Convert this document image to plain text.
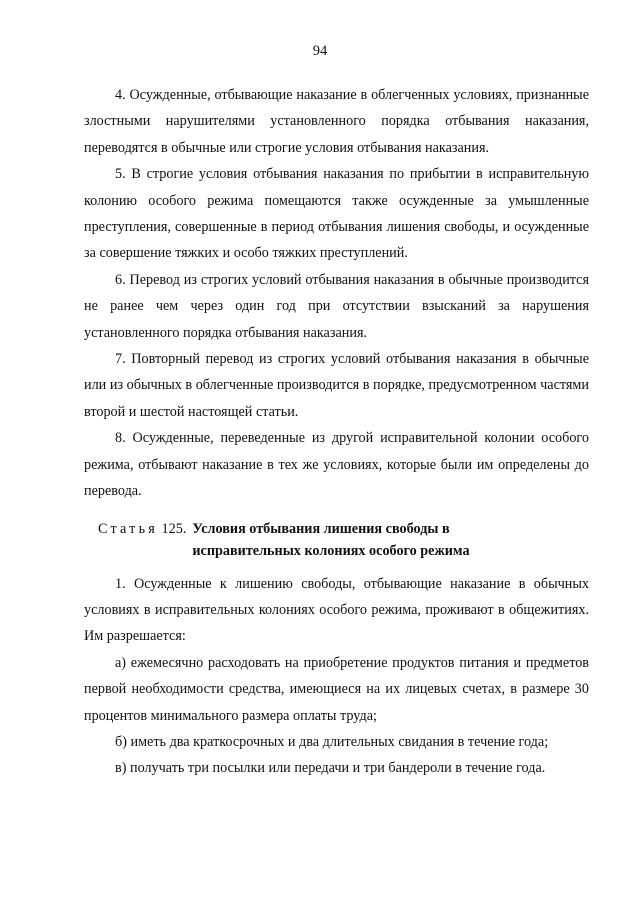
94

4. Осужденные, отбывающие наказание в облегченных условиях, признанные злостными нарушителями установленного порядка отбывания наказания, переводятся в обычные или строгие условия отбывания наказания.

5. В строгие условия отбывания наказания по прибытии в исправительную колонию особого режима помещаются также осужденные за умышленные преступления, совершенные в период отбывания лишения свободы, и осужденные за совершение тяжких и особо тяжких преступлений.

6. Перевод из строгих условий отбывания наказания в обычные производится не ранее чем через один год при отсутствии взысканий за нарушения установленного порядка отбывания наказания.

7. Повторный перевод из строгих условий отбывания наказания в обычные или из обычных в облегченные производится в порядке, предусмотренном частями второй и шестой настоящей статьи.

8. Осужденные, переведенные из другой исправительной колонии особого режима, отбывают наказание в тех же условиях, которые были им определены до перевода.

Статья 125. Условия отбывания лишения свободы в
исправительных колониях особого режима

1. Осужденные к лишению свободы, отбывающие наказание в обычных условиях в исправительных колониях особого режима, проживают в общежитиях. Им разрешается:

а) ежемесячно расходовать на приобретение продуктов питания и предметов первой необходимости средства, имеющиеся на их лицевых счетах, в размере 30 процентов минимального размера оплаты труда;

б) иметь два краткосрочных и два длительных свидания в течение года;

в) получать три посылки или передачи и три бандероли в течение года.
